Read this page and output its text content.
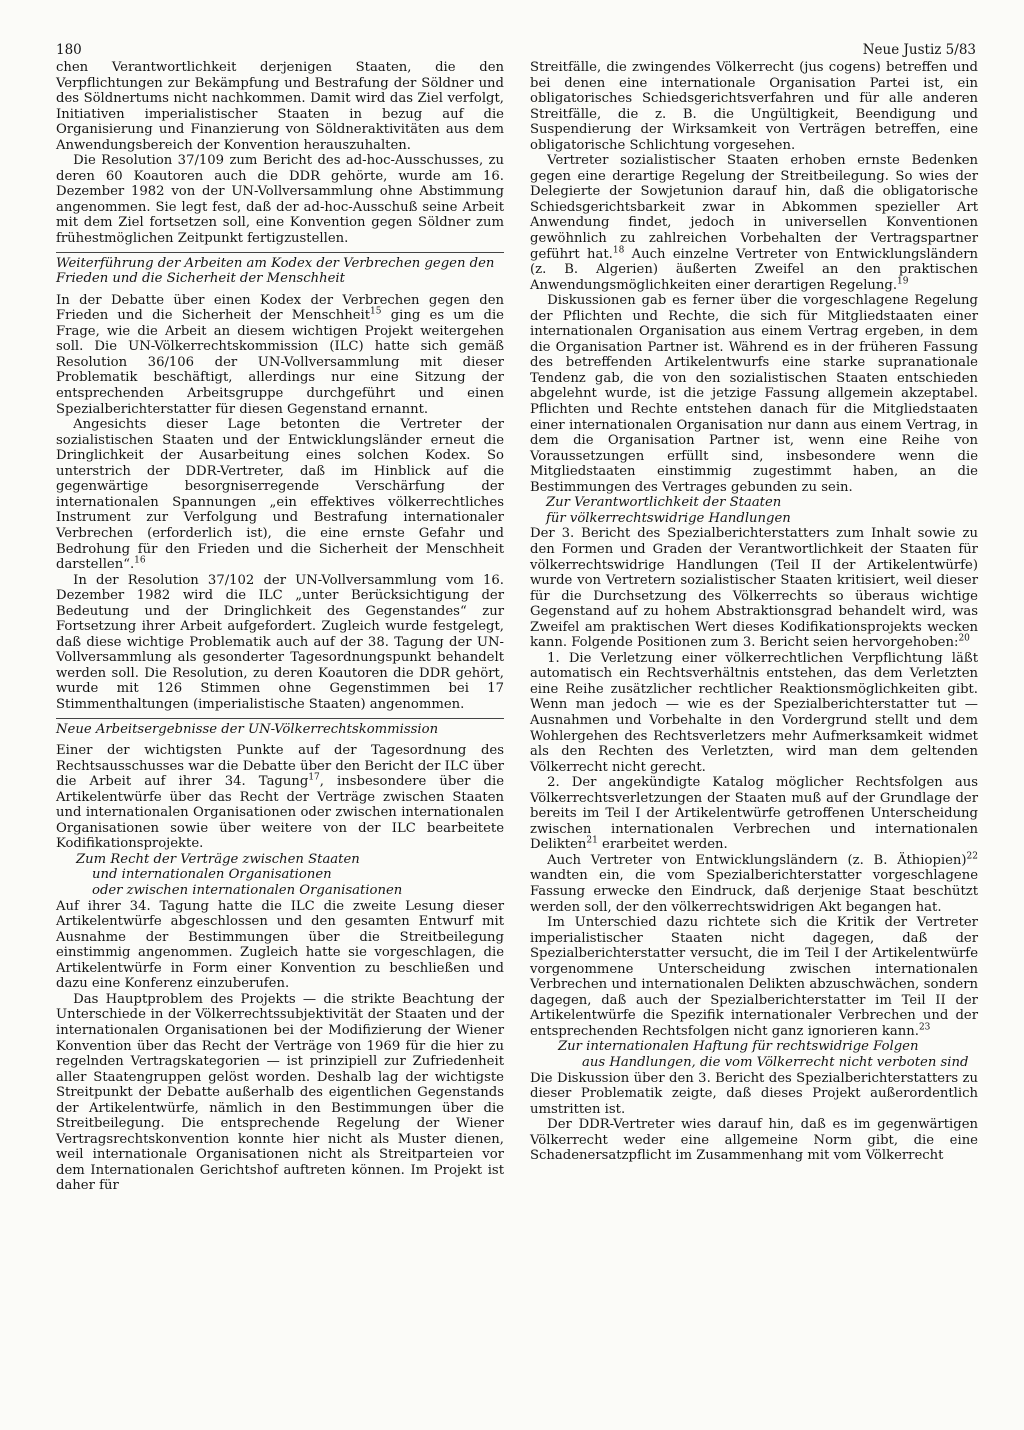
180	Neue Justiz 5/83

chen Verantwortlichkeit derjenigen Staaten, die den Verpflichtungen zur Bekämpfung und Bestrafung der Söldner und des Söldnertums nicht nachkommen. Damit wird das Ziel verfolgt, Initiativen imperialistischer Staaten in bezug auf die Organisierung und Finanzierung von Söldneraktivitäten aus dem Anwendungsbereich der Konvention herauszuhalten.

Die Resolution 37/109 zum Bericht des ad-hoc-Ausschusses, zu deren 60 Koautoren auch die DDR gehörte, wurde am 16. Dezember 1982 von der UN-Vollversammlung ohne Abstimmung angenommen. Sie legt fest, daß der ad-hoc-Ausschuß seine Arbeit mit dem Ziel fortsetzen soll, eine Konvention gegen Söldner zum frühestmöglichen Zeitpunkt fertigzustellen.

Weiterführung der Arbeiten am Kodex der Verbrechen gegen den Frieden und die Sicherheit der Menschheit

In der Debatte über einen Kodex der Verbrechen gegen den Frieden und die Sicherheit der Menschheit$^{15}$ ging es um die Frage, wie die Arbeit an diesem wichtigen Projekt weitergehen soll. Die UN-Völkerrechtskommission (ILC) hatte sich gemäß Resolution 36/106 der UN-Vollversammlung mit dieser Problematik beschäftigt, allerdings nur eine Sitzung der entsprechenden Arbeitsgruppe durchgeführt und einen Spezialberichterstatter für diesen Gegenstand ernannt.

Angesichts dieser Lage betonten die Vertreter der sozialistischen Staaten und der Entwicklungsländer erneut die Dringlichkeit der Ausarbeitung eines solchen Kodex. So unterstrich der DDR-Vertreter, daß im Hinblick auf die gegenwärtige besorgniserregende Verschärfung der internationalen Spannungen „ein effektives völkerrechtliches Instrument zur Verfolgung und Bestrafung internationaler Verbrechen (erforderlich ist), die eine ernste Gefahr und Bedrohung für den Frieden und die Sicherheit der Menschheit darstellen“.$^{16}$

In der Resolution 37/102 der UN-Vollversammlung vom 16. Dezember 1982 wird die ILC „unter Berücksichtigung der Bedeutung und der Dringlichkeit des Gegenstandes“ zur Fortsetzung ihrer Arbeit aufgefordert. Zugleich wurde festgelegt, daß diese wichtige Problematik auch auf der 38. Tagung der UN-Vollversammlung als gesonderter Tagesordnungspunkt behandelt werden soll. Die Resolution, zu deren Koautoren die DDR gehört, wurde mit 126 Stimmen ohne Gegenstimmen bei 17 Stimmenthaltungen (imperialistische Staaten) angenommen.

Neue Arbeitsergebnisse der UN-Völkerrechtskommission

Einer der wichtigsten Punkte auf der Tagesordnung des Rechtsausschusses war die Debatte über den Bericht der ILC über die Arbeit auf ihrer 34. Tagung$^{17}$, insbesondere über die Artikelentwürfe über das Recht der Verträge zwischen Staaten und internationalen Organisationen oder zwischen internationalen Organisationen sowie über weitere von der ILC bearbeitete Kodifikationsprojekte.

Zum Recht der Verträge zwischen Staaten
und internationalen Organisationen
oder zwischen internationalen Organisationen

Auf ihrer 34. Tagung hatte die ILC die zweite Lesung dieser Artikelentwürfe abgeschlossen und den gesamten Entwurf mit Ausnahme der Bestimmungen über die Streitbeilegung einstimmig angenommen. Zugleich hatte sie vorgeschlagen, die Artikelentwürfe in Form einer Konvention zu beschließen und dazu eine Konferenz einzuberufen.

Das Hauptproblem des Projekts — die strikte Beachtung der Unterschiede in der Völkerrechtssubjektivität der Staaten und der internationalen Organisationen bei der Modifizierung der Wiener Konvention über das Recht der Verträge von 1969 für die hier zu regelnden Vertragskategorien — ist prinzipiell zur Zufriedenheit aller Staatengruppen gelöst worden. Deshalb lag der wichtigste Streitpunkt der Debatte außerhalb des eigentlichen Gegenstands der Artikelentwürfe, nämlich in den Bestimmungen über die Streitbeilegung. Die entsprechende Regelung der Wiener Vertragsrechtskonvention konnte hier nicht als Muster dienen, weil internationale Organisationen nicht als Streitparteien vor dem Internationalen Gerichtshof auftreten können. Im Projekt ist daher für

Streitfälle, die zwingendes Völkerrecht (jus cogens) betreffen und bei denen eine internationale Organisation Partei ist, ein obligatorisches Schiedsgerichtsverfahren und für alle anderen Streitfälle, die z. B. die Ungültigkeit, Beendigung und Suspendierung der Wirksamkeit von Verträgen betreffen, eine obligatorische Schlichtung vorgesehen.

Vertreter sozialistischer Staaten erhoben ernste Bedenken gegen eine derartige Regelung der Streitbeilegung. So wies der Delegierte der Sowjetunion darauf hin, daß die obligatorische Schiedsgerichtsbarkeit zwar in Abkommen spezieller Art Anwendung findet, jedoch in universellen Konventionen gewöhnlich zu zahlreichen Vorbehalten der Vertragspartner geführt hat.$^{18}$ Auch einzelne Vertreter von Entwicklungsländern (z. B. Algerien) äußerten Zweifel an den praktischen Anwendungsmöglichkeiten einer derartigen Regelung.$^{19}$

Diskussionen gab es ferner über die vorgeschlagene Regelung der Pflichten und Rechte, die sich für Mitgliedstaaten einer internationalen Organisation aus einem Vertrag ergeben, in dem die Organisation Partner ist. Während es in der früheren Fassung des betreffenden Artikelentwurfs eine starke supranationale Tendenz gab, die von den sozialistischen Staaten entschieden abgelehnt wurde, ist die jetzige Fassung allgemein akzeptabel. Pflichten und Rechte entstehen danach für die Mitgliedstaaten einer internationalen Organisation nur dann aus einem Vertrag, in dem die Organisation Partner ist, wenn eine Reihe von Voraussetzungen erfüllt sind, insbesondere wenn die Mitgliedstaaten einstimmig zugestimmt haben, an die Bestimmungen des Vertrages gebunden zu sein.

Zur Verantwortlichkeit der Staaten
für völkerrechtswidrige Handlungen

Der 3. Bericht des Spezialberichterstatters zum Inhalt sowie zu den Formen und Graden der Verantwortlichkeit der Staaten für völkerrechtswidrige Handlungen (Teil II der Artikelentwürfe) wurde von Vertretern sozialistischer Staaten kritisiert, weil dieser für die Durchsetzung des Völkerrechts so überaus wichtige Gegenstand auf zu hohem Abstraktionsgrad behandelt wird, was Zweifel am praktischen Wert dieses Kodifikationsprojekts wecken kann. Folgende Positionen zum 3. Bericht seien hervorgehoben:$^{20}$

1. Die Verletzung einer völkerrechtlichen Verpflichtung läßt automatisch ein Rechtsverhältnis entstehen, das dem Verletzten eine Reihe zusätzlicher rechtlicher Reaktionsmöglichkeiten gibt. Wenn man jedoch — wie es der Spezialberichterstatter tut — Ausnahmen und Vorbehalte in den Vordergrund stellt und dem Wohlergehen des Rechtsverletzers mehr Aufmerksamkeit widmet als den Rechten des Verletzten, wird man dem geltenden Völkerrecht nicht gerecht.

2. Der angekündigte Katalog möglicher Rechtsfolgen aus Völkerrechtsverletzungen der Staaten muß auf der Grundlage der bereits im Teil I der Artikelentwürfe getroffenen Unterscheidung zwischen internationalen Verbrechen und internationalen Delikten$^{21}$ erarbeitet werden.

Auch Vertreter von Entwicklungsländern (z. B. Äthiopien)$^{22}$ wandten ein, die vom Spezialberichterstatter vorgeschlagene Fassung erwecke den Eindruck, daß derjenige Staat beschützt werden soll, der den völkerrechtswidrigen Akt begangen hat.

Im Unterschied dazu richtete sich die Kritik der Vertreter imperialistischer Staaten nicht dagegen, daß der Spezialberichterstatter versucht, die im Teil I der Artikelentwürfe vorgenommene Unterscheidung zwischen internationalen Verbrechen und internationalen Delikten abzuschwächen, sondern dagegen, daß auch der Spezialberichterstatter im Teil II der Artikelentwürfe die Spezifik internationaler Verbrechen und der entsprechenden Rechtsfolgen nicht ganz ignorieren kann.$^{23}$

Zur internationalen Haftung für rechtswidrige Folgen
aus Handlungen, die vom Völkerrecht nicht verboten sind

Die Diskussion über den 3. Bericht des Spezialberichterstatters zu dieser Problematik zeigte, daß dieses Projekt außerordentlich umstritten ist.

Der DDR-Vertreter wies darauf hin, daß es im gegenwärtigen Völkerrecht weder eine allgemeine Norm gibt, die eine Schadenersatzpflicht im Zusammenhang mit vom Völkerrecht
